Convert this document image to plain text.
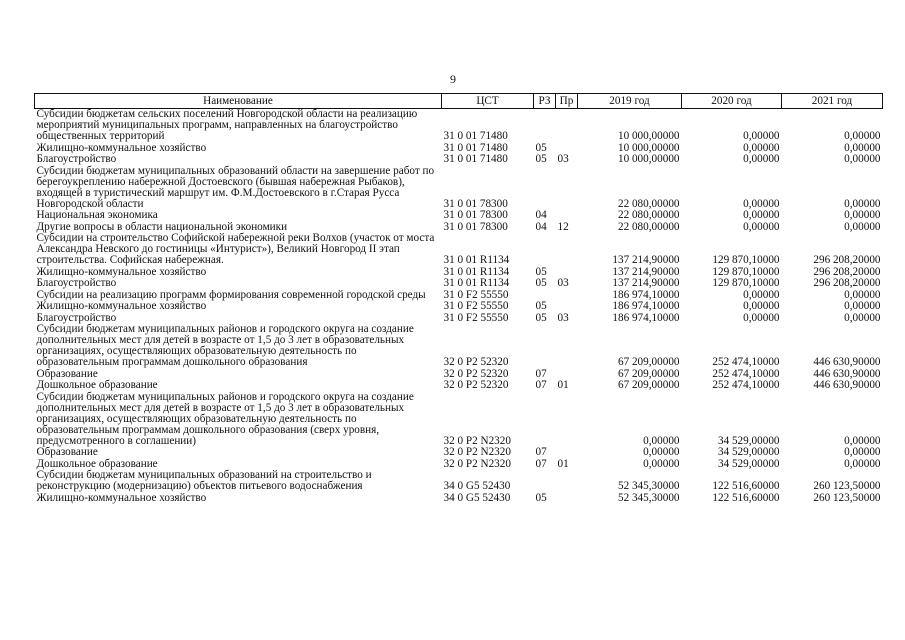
9
Наименование	ЦСТ	РЗ	Пр	2019 год	2020 год	2021 год
Субсидии бюджетам сельских поселений Новгородской области на реализацию мероприятий муниципальных программ, направленных на благоустройство общественных территорий	31 0 01 71480			10 000,00000	0,00000	0,00000
Жилищно-коммунальное хозяйство	31 0 01 71480	05		10 000,00000	0,00000	0,00000
Благоустройство	31 0 01 71480	05	03	10 000,00000	0,00000	0,00000
Субсидии бюджетам муниципальных образований области на завершение работ по берегоукреплению набережной Достоевского (бывшая набережная Рыбаков), входящей в туристический маршрут им. Ф.М.Достоевского в г.Старая Русса Новгородской области	31 0 01 78300			22 080,00000	0,00000	0,00000
Национальная экономика	31 0 01 78300	04		22 080,00000	0,00000	0,00000
Другие вопросы в области национальной экономики	31 0 01 78300	04	12	22 080,00000	0,00000	0,00000
Субсидии на строительство Софийской набережной реки Волхов (участок от моста Александра Невского до гостиницы «Интурист»), Великий Новгород II этап строительства. Софийская набережная.	31 0 01 R1134			137 214,90000	129 870,10000	296 208,20000
Жилищно-коммунальное хозяйство	31 0 01 R1134	05		137 214,90000	129 870,10000	296 208,20000
Благоустройство	31 0 01 R1134	05	03	137 214,90000	129 870,10000	296 208,20000
Субсидии на реализацию программ формирования современной городской среды	31 0 F2 55550			186 974,10000	0,00000	0,00000
Жилищно-коммунальное хозяйство	31 0 F2 55550	05		186 974,10000	0,00000	0,00000
Благоустройство	31 0 F2 55550	05	03	186 974,10000	0,00000	0,00000
Субсидии бюджетам муниципальных районов и городского округа на создание дополнительных мест для детей в возрасте от 1,5 до 3 лет в образовательных организациях, осуществляющих образовательную деятельность по образовательным программам дошкольного образования	32 0 P2 52320			67 209,00000	252 474,10000	446 630,90000
Образование	32 0 P2 52320	07		67 209,00000	252 474,10000	446 630,90000
Дошкольное образование	32 0 P2 52320	07	01	67 209,00000	252 474,10000	446 630,90000
Субсидии бюджетам муниципальных районов и городского округа на создание дополнительных мест для детей в возрасте от 1,5 до 3 лет в образовательных организациях, осуществляющих образовательную деятельность по образовательным программам дошкольного образования (сверх уровня, предусмотренного в соглашении)	32 0 P2 N2320			0,00000	34 529,00000	0,00000
Образование	32 0 P2 N2320	07		0,00000	34 529,00000	0,00000
Дошкольное образование	32 0 P2 N2320	07	01	0,00000	34 529,00000	0,00000
Субсидии бюджетам муниципальных образований на строительство и реконструкцию (модернизацию) объектов питьевого водоснабжения	34 0 G5 52430			52 345,30000	122 516,60000	260 123,50000
Жилищно-коммунальное хозяйство	34 0 G5 52430	05		52 345,30000	122 516,60000	260 123,50000
